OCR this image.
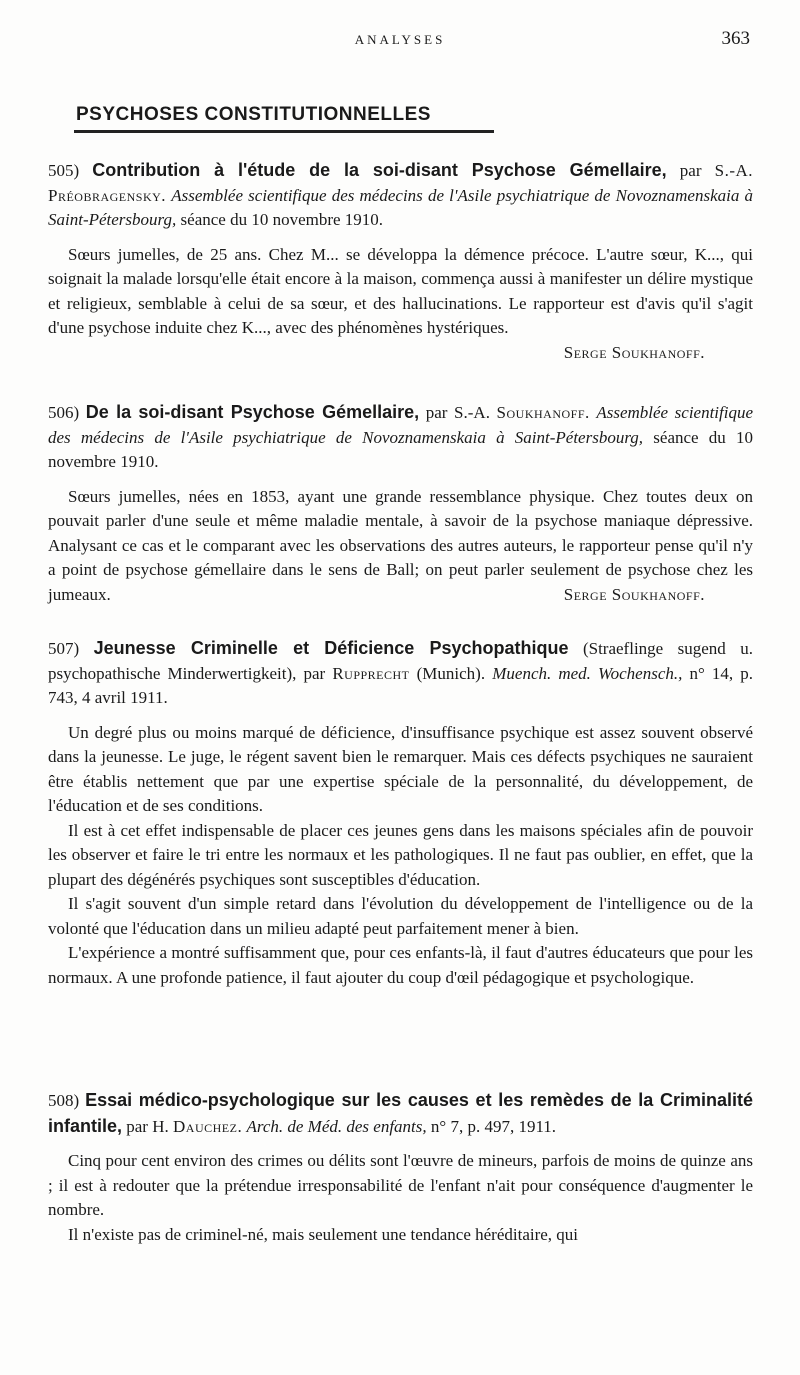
ANALYSES	363
PSYCHOSES CONSTITUTIONNELLES
505) Contribution à l'étude de la soi-disant Psychose Gémellaire, par S.-A. Préobragensky. Assemblée scientifique des médecins de l'Asile psychiatrique de Novoznamenskaia à Saint-Pétersbourg, séance du 10 novembre 1910.

Sœurs jumelles, de 25 ans. Chez M... se développa la démence précoce. L'autre sœur, K..., qui soignait la malade lorsqu'elle était encore à la maison, commença aussi à manifester un délire mystique et religieux, semblable à celui de sa sœur, et des hallucinations. Le rapporteur est d'avis qu'il s'agit d'une psychose induite chez K..., avec des phénomènes hystériques.

Serge Soukhanoff.
506) De la soi-disant Psychose Gémellaire, par S.-A. Soukhanoff. Assemblée scientifique des médecins de l'Asile psychiatrique de Novoznamenskaia à Saint-Pétersbourg, séance du 10 novembre 1910.

Sœurs jumelles, nées en 1853, ayant une grande ressemblance physique. Chez toutes deux on pouvait parler d'une seule et même maladie mentale, à savoir de la psychose maniaque dépressive. Analysant ce cas et le comparant avec les observations des autres auteurs, le rapporteur pense qu'il n'y a point de psychose gémellaire dans le sens de Ball; on peut parler seulement de psychose chez les jumeaux.	Serge Soukhanoff.

507) Jeunesse Criminelle et Déficience Psychopathique (Straeflinge sugend u. psychopathische Minderwertigkeit), par Rupprecht (Munich). Muench. med. Wochensch., n° 14, p. 743, 4 avril 1911.

Un degré plus ou moins marqué de déficience, d'insuffisance psychique est assez souvent observé dans la jeunesse. Le juge, le régent savent bien le remarquer. Mais ces défects psychiques ne sauraient être établis nettement que par une expertise spéciale de la personnalité, du développement, de l'éducation et de ses conditions.

Il est à cet effet indispensable de placer ces jeunes gens dans les maisons spéciales afin de pouvoir les observer et faire le tri entre les normaux et les pathologiques. Il ne faut pas oublier, en effet, que la plupart des dégénérés psychiques sont susceptibles d'éducation.

Il s'agit souvent d'un simple retard dans l'évolution du développement de l'intelligence ou de la volonté que l'éducation dans un milieu adapté peut parfaitement mener à bien.

L'expérience a montré suffisamment que, pour ces enfants-là, il faut d'autres éducateurs que pour les normaux. A une profonde patience, il faut ajouter du coup d'œil pédagogique et psychologique.

508) Essai médico-psychologique sur les causes et les remèdes de la Criminalité infantile, par H. Dauchez. Arch. de Méd. des enfants, n° 7, p. 497, 1911.

Cinq pour cent environ des crimes ou délits sont l'œuvre de mineurs, parfois de moins de quinze ans ; il est à redouter que la prétendue irresponsabilité de l'enfant n'ait pour conséquence d'augmenter le nombre.

Il n'existe pas de criminel-né, mais seulement une tendance héréditaire, qui
